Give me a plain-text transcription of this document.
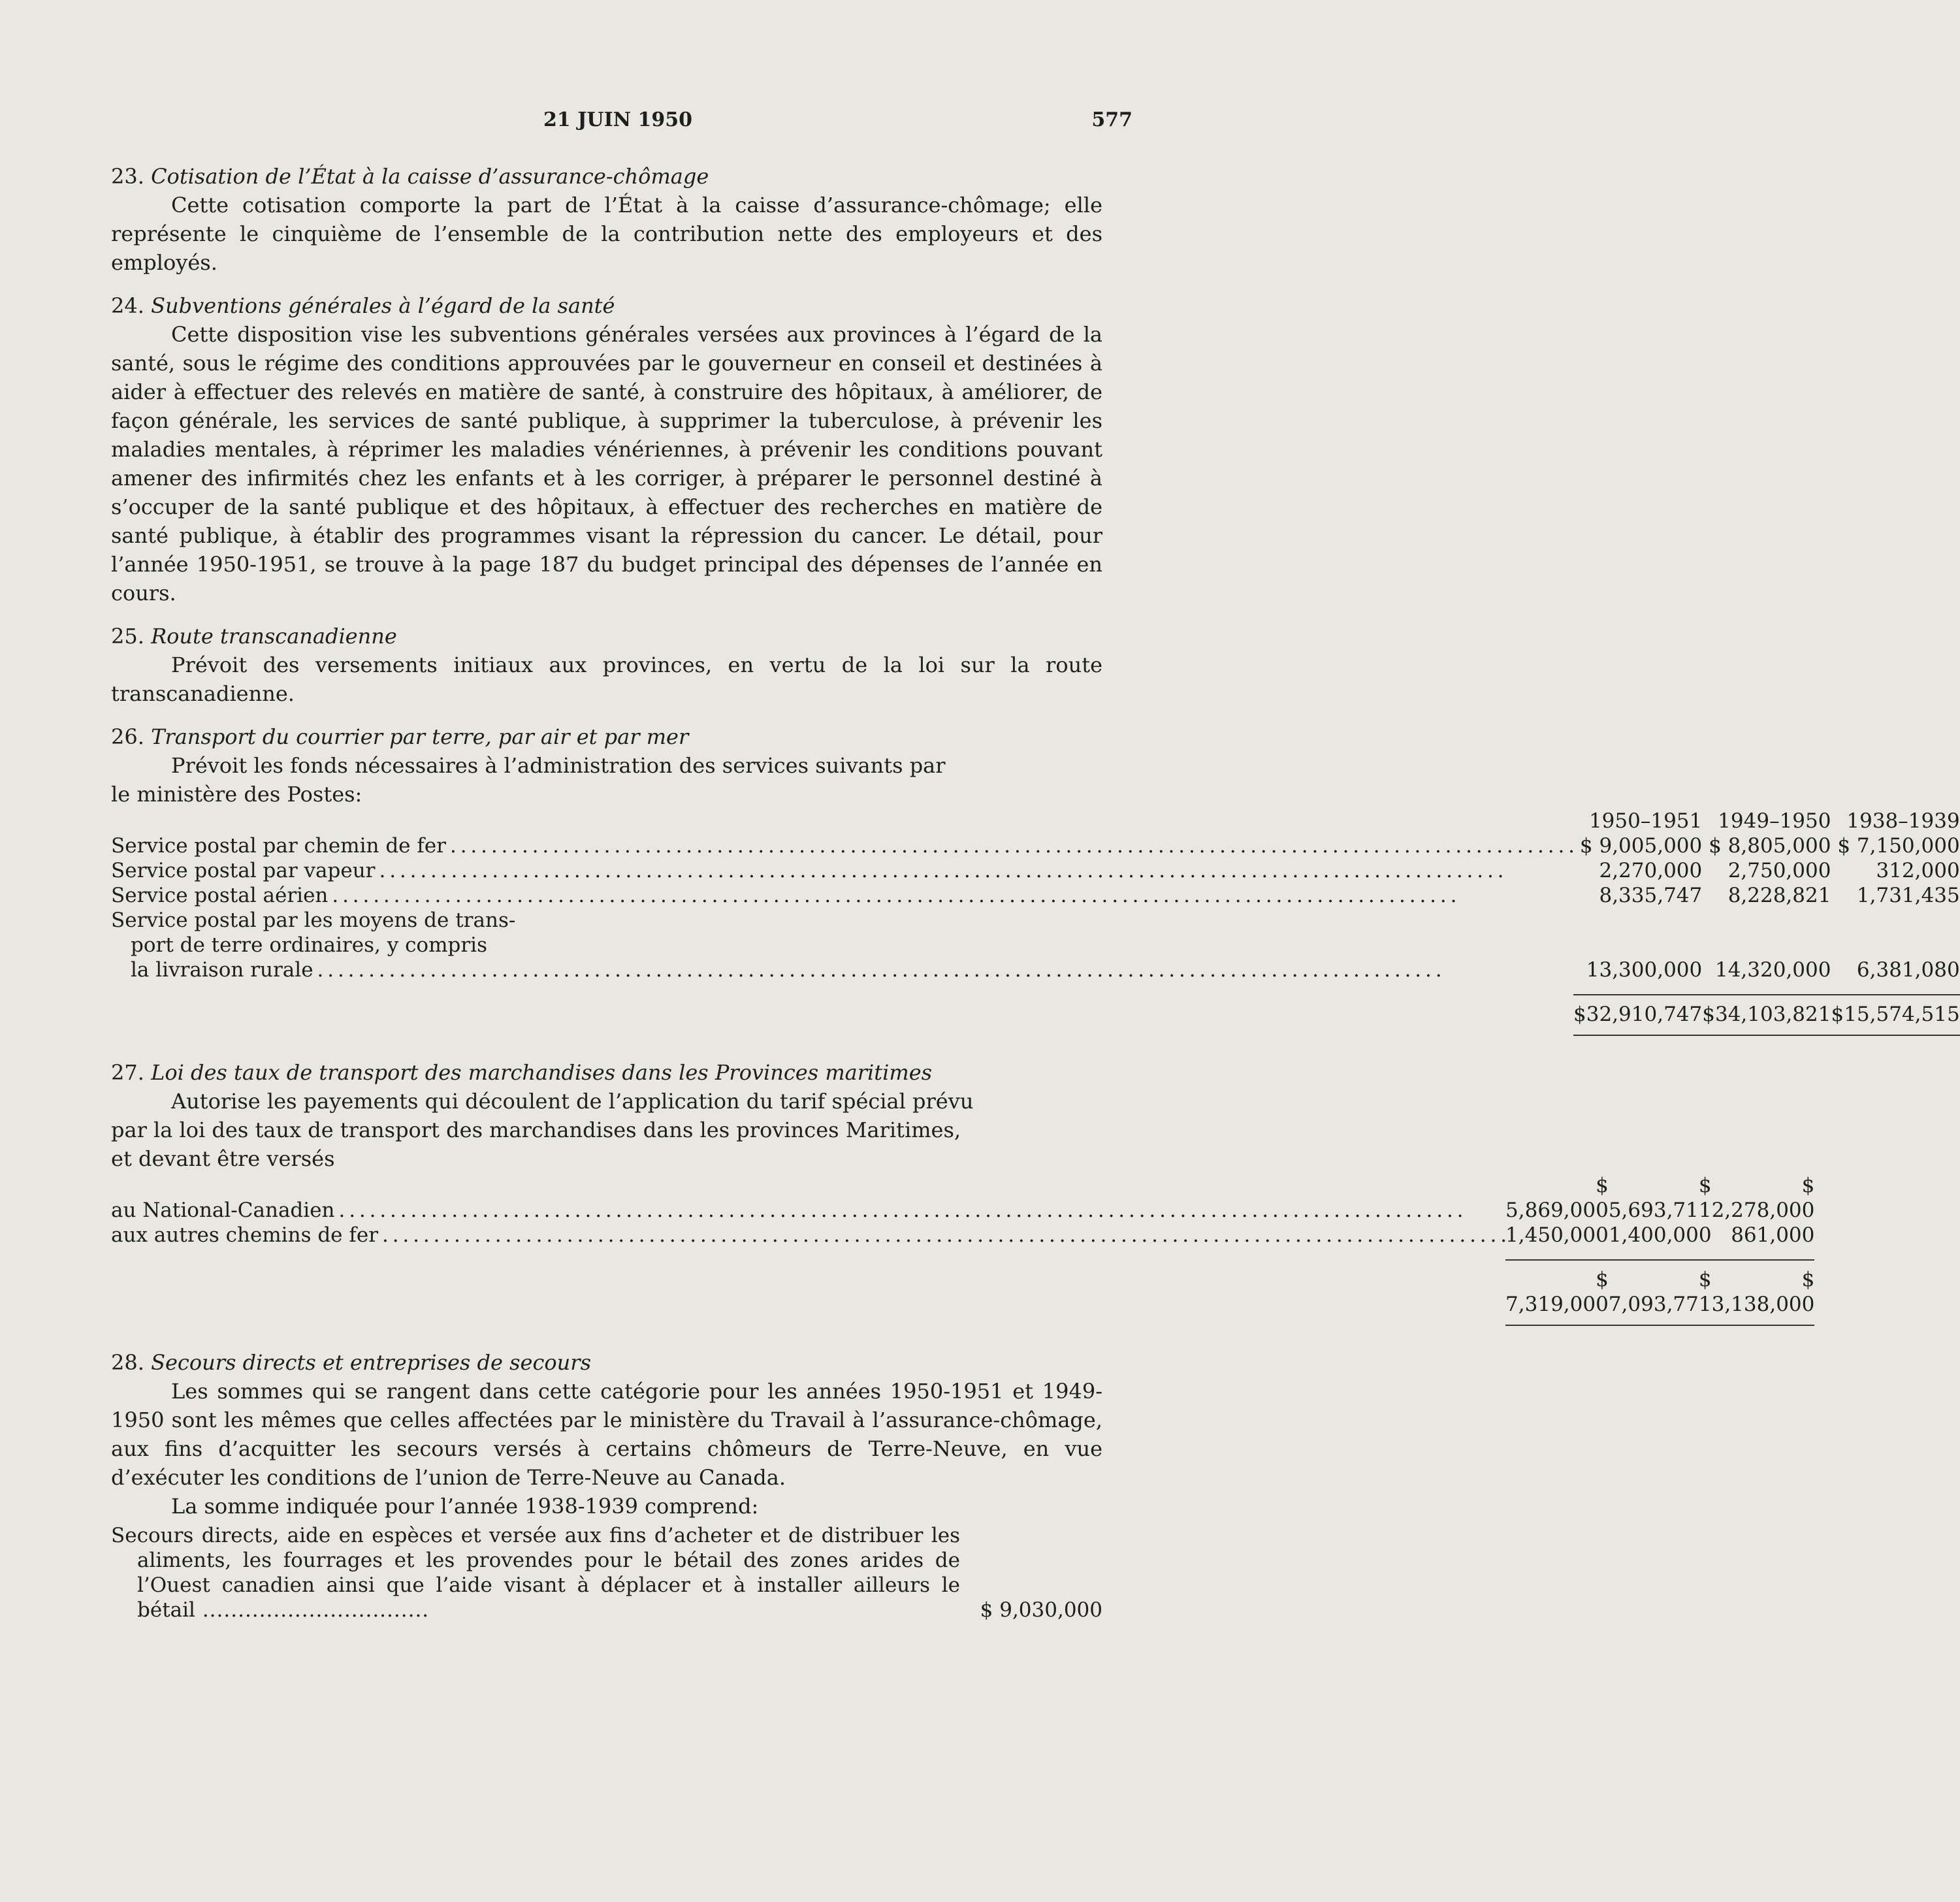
21 JUIN 1950	577

23. Cotisation de l’État à la caisse d’assurance-chômage

Cette cotisation comporte la part de l’État à la caisse d’assurance-chômage; elle représente le cinquième de l’ensemble de la contribution nette des employeurs et des employés.

24. Subventions générales à l’égard de la santé

Cette disposition vise les subventions générales versées aux provinces à l’égard de la santé, sous le régime des conditions approuvées par le gouverneur en conseil et destinées à aider à effectuer des relevés en matière de santé, à construire des hôpitaux, à améliorer, de façon générale, les services de santé publique, à supprimer la tuberculose, à prévenir les maladies mentales, à réprimer les maladies vénériennes, à prévenir les conditions pouvant amener des infirmités chez les enfants et à les corriger, à préparer le personnel destiné à s’occuper de la santé publique et des hôpitaux, à effectuer des recherches en matière de santé publique, à établir des programmes visant la répression du cancer. Le détail, pour l’année 1950-1951, se trouve à la page 187 du budget principal des dépenses de l’année en cours.

25. Route transcanadienne

Prévoit des versements initiaux aux provinces, en vertu de la loi sur la route transcanadienne.

26. Transport du courrier par terre, par air et par mer

Prévoit les fonds nécessaires à l’administration des services suivants par

le ministère des Postes:

	1950–1951	1949–1950	1938–1939

Service postal par chemin de fer
. . .	$ 9,005,000	$ 8,805,000	$ 7,150,000

Service postal par vapeur
. . .	2,270,000	2,750,000	312,000

Service postal aérien
. . .	8,335,747	8,228,821	1,731,435

Service postal par les moyens de trans-
port de terre ordinaires, y compris
la livraison rurale
. . .	13,300,000	14,320,000	6,381,080

	$32,910,747	$34,103,821	$15,574,515

27. Loi des taux de transport des marchandises dans les Provinces maritimes

Autorise les payements qui découlent de l’application du tarif spécial prévu

par la loi des taux de transport des marchandises dans les provinces Maritimes,

et devant être versés

au National-Canadien
. . .	$ 5,869,000	$ 5,693,711	$ 2,278,000

aux autres chemins de fer
. . .	1,450,000	1,400,000	861,000

	$ 7,319,000	$ 7,093,771	$ 3,138,000

28. Secours directs et entreprises de secours

Les sommes qui se rangent dans cette catégorie pour les années 1950-1951 et 1949-1950 sont les mêmes que celles affectées par le ministère du Travail à l’assurance-chômage, aux fins d’acquitter les secours versés à certains chômeurs de Terre-Neuve, en vue d’exécuter les conditions de l’union de Terre-Neuve au Canada.

La somme indiquée pour l’année 1938-1939 comprend:

Secours directs, aide en espèces et versée aux fins d’acheter et de distribuer les aliments, les fourrages et les provendes pour le bétail des zones arides de l’Ouest canadien ainsi que l’aide visant à déplacer et à installer ailleurs le bétail .....	$ 9,030,000
